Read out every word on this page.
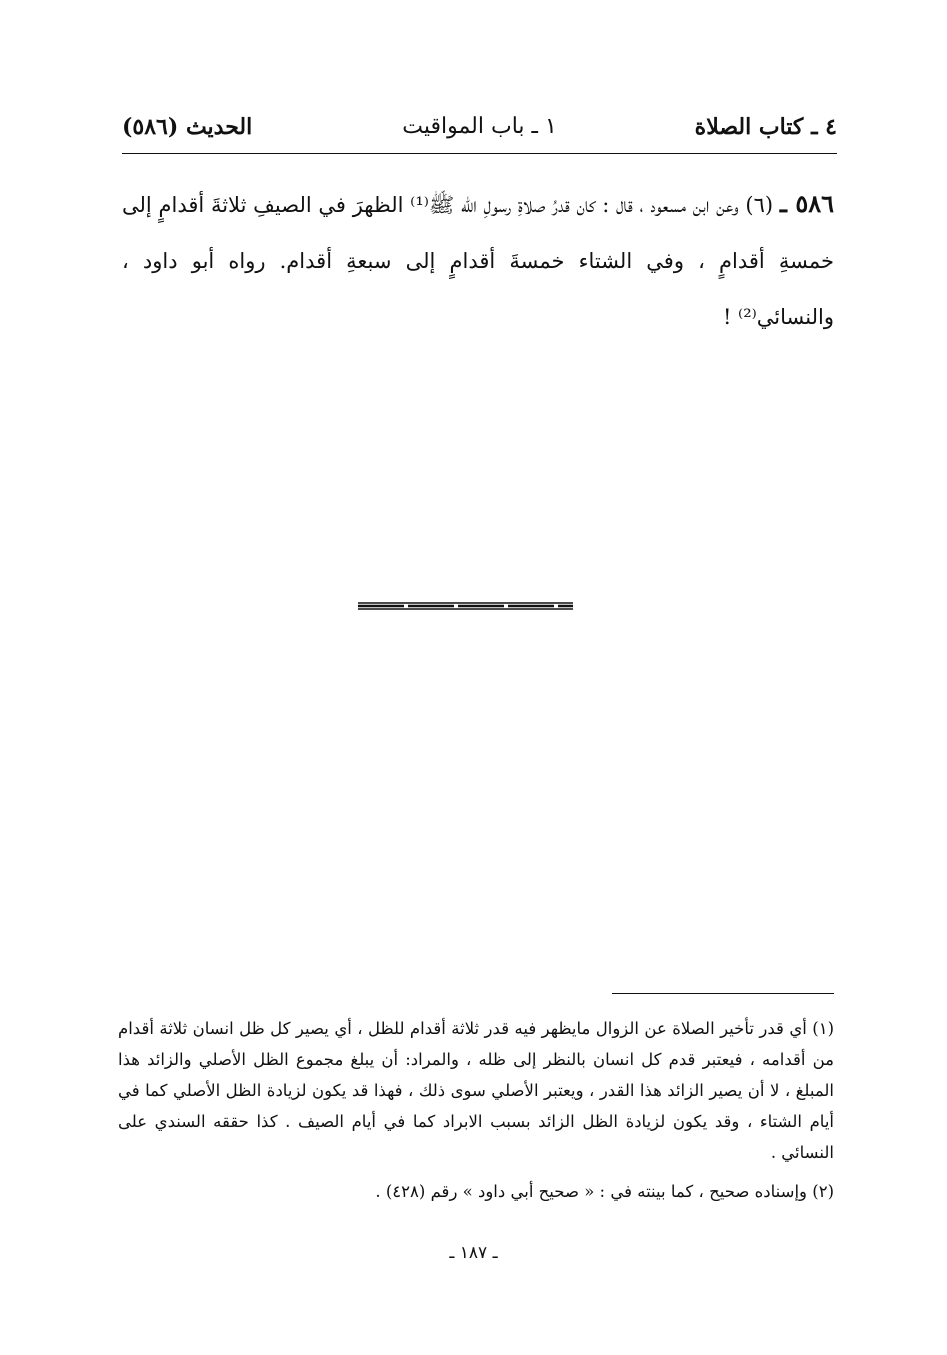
٤ ـ كتاب الصلاة
١ ـ باب المواقيت
الحديث (٥٨٦)
٥٨٦ ـ (٦) وعن ابن مسعود ، قال : كان قدرُ صلاةِ رسولِ الله ﷺ⁽¹⁾ الظهرَ في الصيفِ ثلاثةَ أقدامٍ إلى خمسةِ أقدامٍ ، وفي الشتاء خمسةَ أقدامٍ إلى سبعةِ أقدام. رواه أبو داود ، والنسائي⁽²⁾ !

(١) أي قدر تأخير الصلاة عن الزوال مايظهر فيه قدر ثلاثة أقدام للظل ، أي يصير كل ظل انسان ثلاثة أقدام من أقدامه ، فيعتبر قدم كل انسان بالنظر إلى ظله ، والمراد: أن يبلغ مجموع الظل الأصلي والزائد هذا المبلغ ، لا أن يصير الزائد هذا القدر ، ويعتبر الأصلي سوى ذلك ، فهذا قد يكون لزيادة الظل الأصلي كما في أيام الشتاء ، وقد يكون لزيادة الظل الزائد بسبب الابراد كما في أيام الصيف . كذا حققه السندي على النسائي .

(٢) وإسناده صحيح ، كما بينته في : « صحيح أبي داود » رقم (٤٢٨) .

ـ ١٨٧ ـ
